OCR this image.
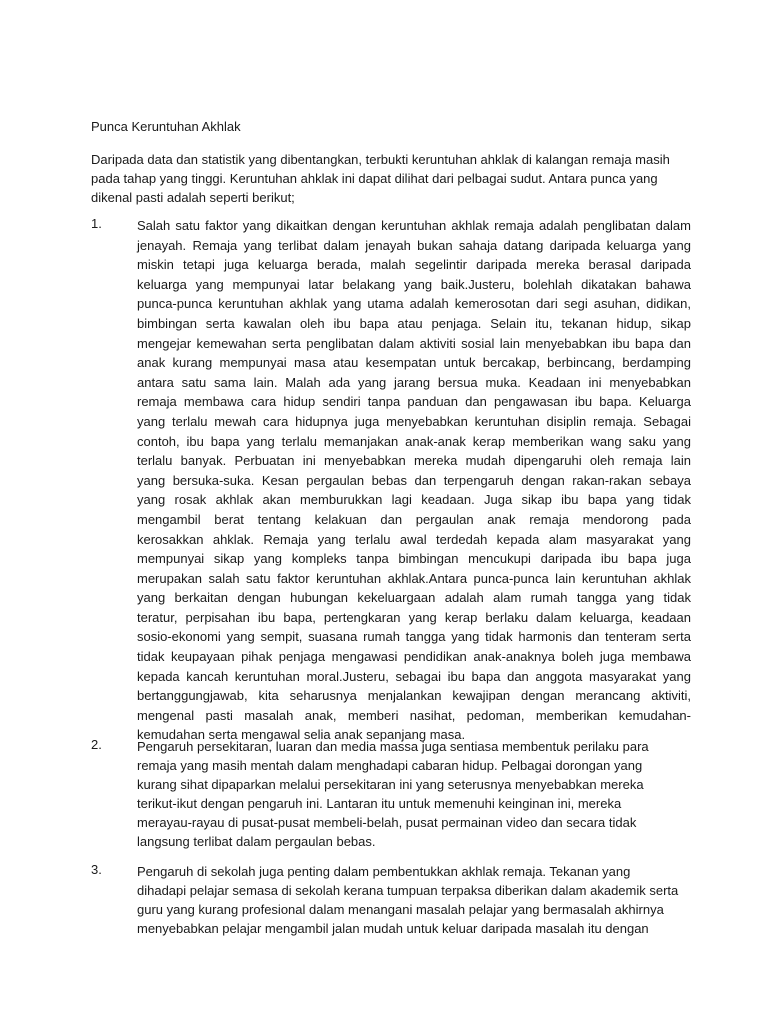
Punca Keruntuhan Akhlak
Daripada data dan statistik yang dibentangkan, terbukti keruntuhan ahklak di kalangan remaja masih
pada tahap yang tinggi. Keruntuhan ahklak ini dapat dilihat dari pelbagai sudut. Antara punca yang
dikenal pasti adalah seperti berikut;
1.	Salah satu faktor yang dikaitkan dengan keruntuhan akhlak remaja adalah penglibatan dalam
jenayah. Remaja yang terlibat dalam jenayah bukan sahaja datang daripada keluarga yang
miskin tetapi juga keluarga berada, malah segelintir daripada mereka berasal daripada
keluarga yang mempunyai latar belakang yang baik.Justeru, bolehlah dikatakan bahawa
punca-punca keruntuhan akhlak yang utama adalah kemerosotan dari segi asuhan, didikan,
bimbingan serta kawalan oleh ibu bapa atau penjaga. Selain itu, tekanan hidup, sikap
mengejar kemewahan serta penglibatan dalam aktiviti sosial lain menyebabkan ibu bapa dan
anak kurang mempunyai masa atau kesempatan untuk bercakap, berbincang, berdamping
antara satu sama lain. Malah ada yang jarang bersua muka. Keadaan ini menyebabkan
remaja membawa cara hidup sendiri tanpa panduan dan pengawasan ibu bapa. Keluarga
yang terlalu mewah cara hidupnya juga menyebabkan keruntuhan disiplin remaja. Sebagai
contoh, ibu bapa yang terlalu memanjakan anak-anak kerap memberikan wang saku yang
terlalu banyak. Perbuatan ini menyebabkan mereka mudah dipengaruhi oleh remaja lain
yang bersuka-suka. Kesan pergaulan bebas dan terpengaruh dengan rakan-rakan sebaya
yang rosak akhlak akan memburukkan lagi keadaan. Juga sikap ibu bapa yang tidak
mengambil berat tentang kelakuan dan pergaulan anak remaja mendorong pada
kerosakkan ahklak. Remaja yang terlalu awal terdedah kepada alam masyarakat yang
mempunyai sikap yang kompleks tanpa bimbingan mencukupi daripada ibu bapa juga
merupakan salah satu faktor keruntuhan akhlak.Antara punca-punca lain keruntuhan akhlak
yang berkaitan dengan hubungan kekeluargaan adalah alam rumah tangga yang tidak
teratur, perpisahan ibu bapa, pertengkaran yang kerap berlaku dalam keluarga, keadaan
sosio-ekonomi yang sempit, suasana rumah tangga yang tidak harmonis dan tenteram serta
tidak keupayaan pihak penjaga mengawasi pendidikan anak-anaknya boleh juga membawa
kepada kancah keruntuhan moral.Justeru, sebagai ibu bapa dan anggota masyarakat yang
bertanggungjawab, kita seharusnya menjalankan kewajipan dengan merancang aktiviti,
mengenal pasti masalah anak, memberi nasihat, pedoman, memberikan kemudahan-
kemudahan serta mengawal selia anak sepanjang masa.
2.	Pengaruh persekitaran, luaran dan media massa juga sentiasa membentuk perilaku para
remaja yang masih mentah dalam menghadapi cabaran hidup. Pelbagai dorongan yang
kurang sihat dipaparkan melalui persekitaran ini yang seterusnya menyebabkan mereka
terikut-ikut dengan pengaruh ini. Lantaran itu untuk memenuhi keinginan ini, mereka
merayau-rayau di pusat-pusat membeli-belah, pusat permainan video dan secara tidak
langsung terlibat dalam pergaulan bebas.
3.	Pengaruh di sekolah juga penting dalam pembentukkan akhlak remaja. Tekanan yang
dihadapi pelajar semasa di sekolah kerana tumpuan terpaksa diberikan dalam akademik serta
guru yang kurang profesional dalam menangani masalah pelajar yang bermasalah akhirnya
menyebabkan pelajar mengambil jalan mudah untuk keluar daripada masalah itu dengan
